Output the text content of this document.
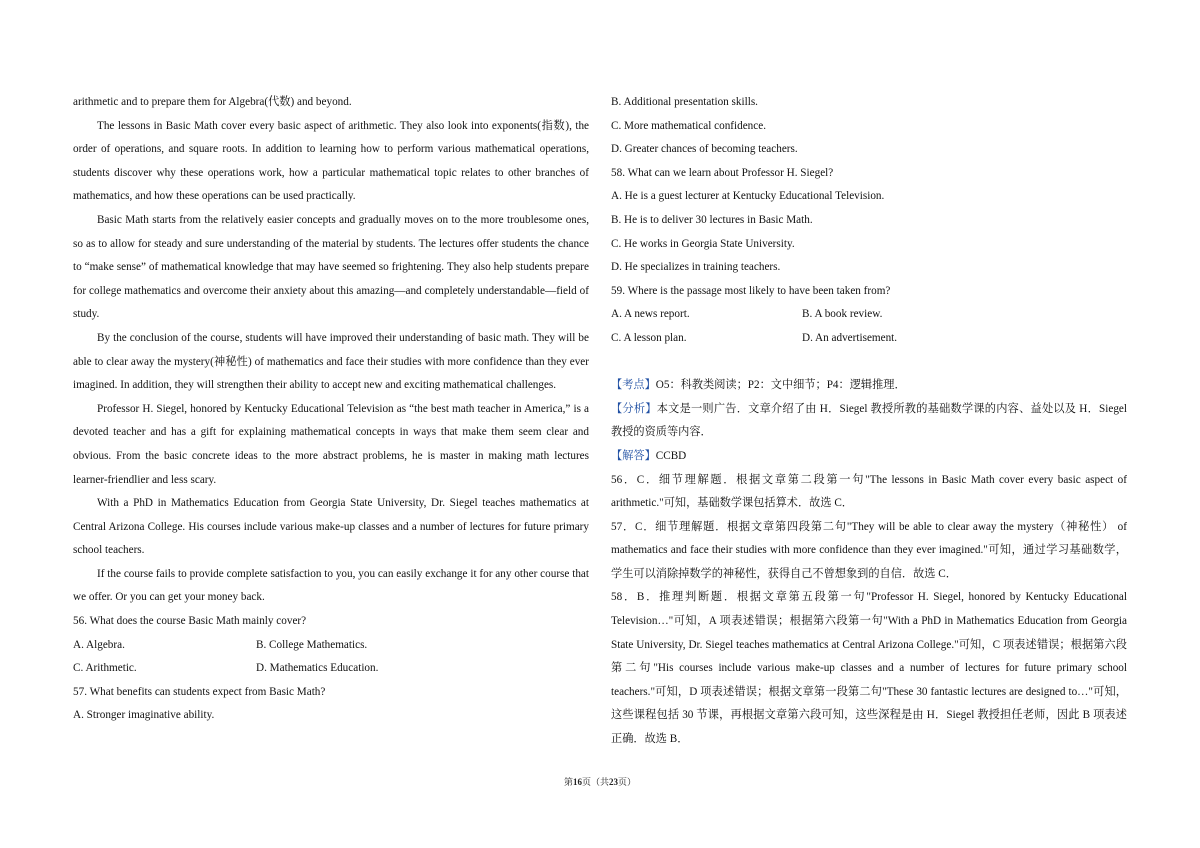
arithmetic and to prepare them for Algebra(代数) and beyond.

The lessons in Basic Math cover every basic aspect of arithmetic. They also look into exponents(指数), the order of operations, and square roots. In addition to learning how to perform various mathematical operations, students discover why these operations work, how a particular mathematical topic relates to other branches of mathematics, and how these operations can be used practically.

Basic Math starts from the relatively easier concepts and gradually moves on to the more troublesome ones, so as to allow for steady and sure understanding of the material by students. The lectures offer students the chance to “make sense” of mathematical knowledge that may have seemed so frightening. They also help students prepare for college mathematics and overcome their anxiety about this amazing—and completely understandable—field of study.

By the conclusion of the course, students will have improved their understanding of basic math. They will be able to clear away the mystery(神秘性) of mathematics and face their studies with more confidence than they ever imagined. In addition, they will strengthen their ability to accept new and exciting mathematical challenges.

Professor H. Siegel, honored by Kentucky Educational Television as “the best math teacher in America,” is a devoted teacher and has a gift for explaining mathematical concepts in ways that make them seem clear and obvious. From the basic concrete ideas to the more abstract problems, he is master in making math lectures learner-friendlier and less scary.

With a PhD in Mathematics Education from Georgia State University, Dr. Siegel teaches mathematics at Central Arizona College. His courses include various make-up classes and a number of lectures for future primary school teachers.

If the course fails to provide complete satisfaction to you, you can easily exchange it for any other course that we offer. Or you can get your money back.

56. What does the course Basic Math mainly cover?

A. Algebra.	B. College Mathematics.
C. Arithmetic.	D. Mathematics Education.

57. What benefits can students expect from Basic Math?

A. Stronger imaginative ability.

B. Additional presentation skills.

C. More mathematical confidence.

D. Greater chances of becoming teachers.

58. What can we learn about Professor H. Siegel?

A. He is a guest lecturer at Kentucky Educational Television.

B. He is to deliver 30 lectures in Basic Math.

C. He works in Georgia State University.

D. He specializes in training teachers.

59. Where is the passage most likely to have been taken from?

A. A news report.	B. A book review.
C. A lesson plan.	D. An advertisement.

【考点】O5：科教类阅读；P2：文中细节；P4：逻辑推理．

【分析】本文是一则广告．文章介绍了由 H．Siegel 教授所教的基础数学课的内容、益处以及 H．Siegel 教授的资质等内容．

【解答】CCBD

56．C．细节理解题．根据文章第二段第一句"The lessons in Basic Math cover every basic aspect of arithmetic."可知，基础数学课包括算术．故选 C．

57．C．细节理解题．根据文章第四段第二句"They will be able to clear away the mystery（神秘性） of mathematics and face their studies with more confidence than they ever imagined."可知，通过学习基础数学，学生可以消除掉数学的神秘性，获得自己不曾想象到的自信．故选 C．

58．B．推理判断题．根据文章第五段第一句"Professor H. Siegel, honored by Kentucky Educational Television…"可知，A 项表述错误；根据第六段第一句"With a PhD in Mathematics Education from Georgia State University, Dr. Siegel teaches mathematics at Central Arizona College."可知，C 项表述错误；根据第六段第二句"His courses include various make-up classes and a number of lectures for future primary school teachers."可知，D 项表述错误；根据文章第一段第二句"These 30 fantastic lectures are designed to…"可知，这些课程包括 30 节课，再根据文章第六段可知，这些深程是由 H．Siegel 教授担任老师，因此 B 项表述正确．故选 B．

第16页（共23页）
